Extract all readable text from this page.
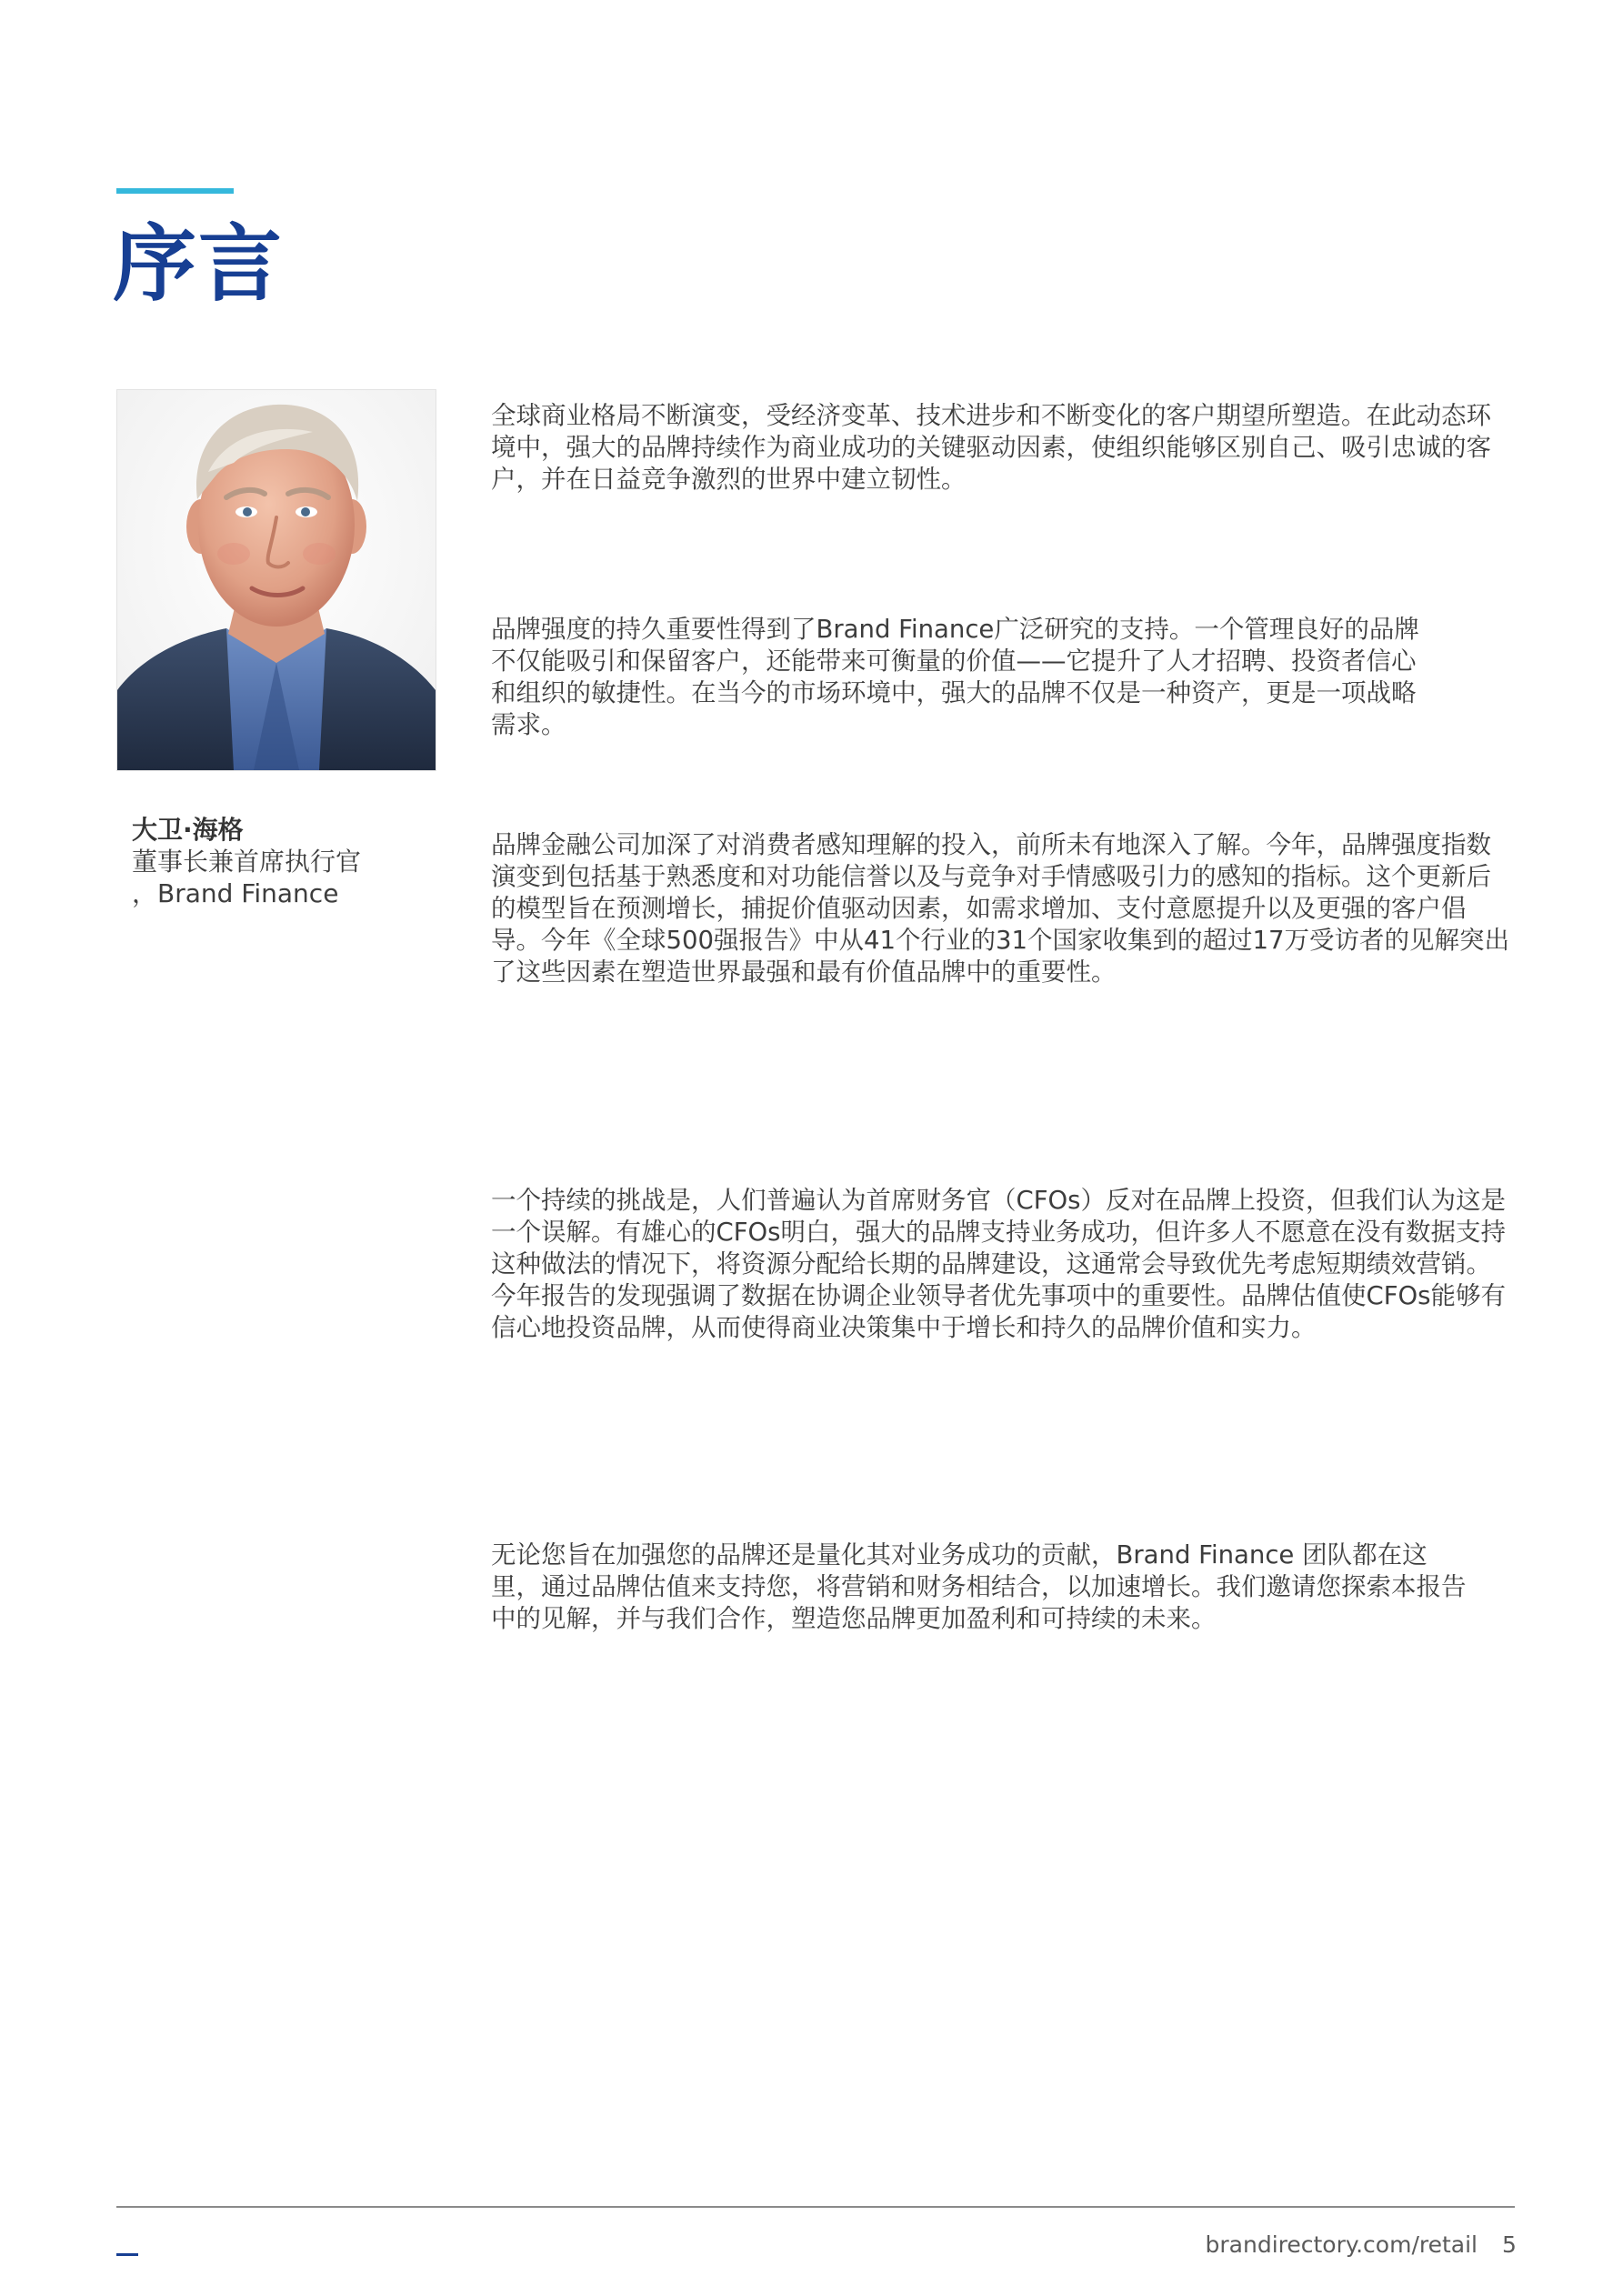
序言
大卫·海格
董事长兼首席执行官
，Brand Finance

全球商业格局不断演变，受经济变革、技术进步和不断变化的客户期望所塑造。在此动态环境中，强大的品牌持续作为商业成功的关键驱动因素，使组织能够区别自己、吸引忠诚的客户，并在日益竞争激烈的世界中建立韧性。

品牌强度的持久重要性得到了Brand Finance广泛研究的支持。一个管理良好的品牌不仅能吸引和保留客户，还能带来可衡量的价值——它提升了人才招聘、投资者信心和组织的敏捷性。在当今的市场环境中，强大的品牌不仅是一种资产，更是一项战略需求。

品牌金融公司加深了对消费者感知理解的投入，前所未有地深入了解。今年，品牌强度指数演变到包括基于熟悉度和对功能信誉以及与竞争对手情感吸引力的感知的指标。这个更新后的模型旨在预测增长，捕捉价值驱动因素，如需求增加、支付意愿提升以及更强的客户倡导。今年《全球500强报告》中从41个行业的31个国家收集到的超过17万受访者的见解突出了这些因素在塑造世界最强和最有价值品牌中的重要性。

一个持续的挑战是，人们普遍认为首席财务官（CFOs）反对在品牌上投资，但我们认为这是一个误解。有雄心的CFOs明白，强大的品牌支持业务成功，但许多人不愿意在没有数据支持这种做法的情况下，将资源分配给长期的品牌建设，这通常会导致优先考虑短期绩效营销。今年报告的发现强调了数据在协调企业领导者优先事项中的重要性。品牌估值使CFOs能够有信心地投资品牌，从而使得商业决策集中于增长和持久的品牌价值和实力。

无论您旨在加强您的品牌还是量化其对业务成功的贡献，Brand Finance 团队都在这里，通过品牌估值来支持您，将营销和财务相结合，以加速增长。我们邀请您探索本报告中的见解，并与我们合作，塑造您品牌更加盈利和可持续的未来。

brandirectory.com/retail 5
